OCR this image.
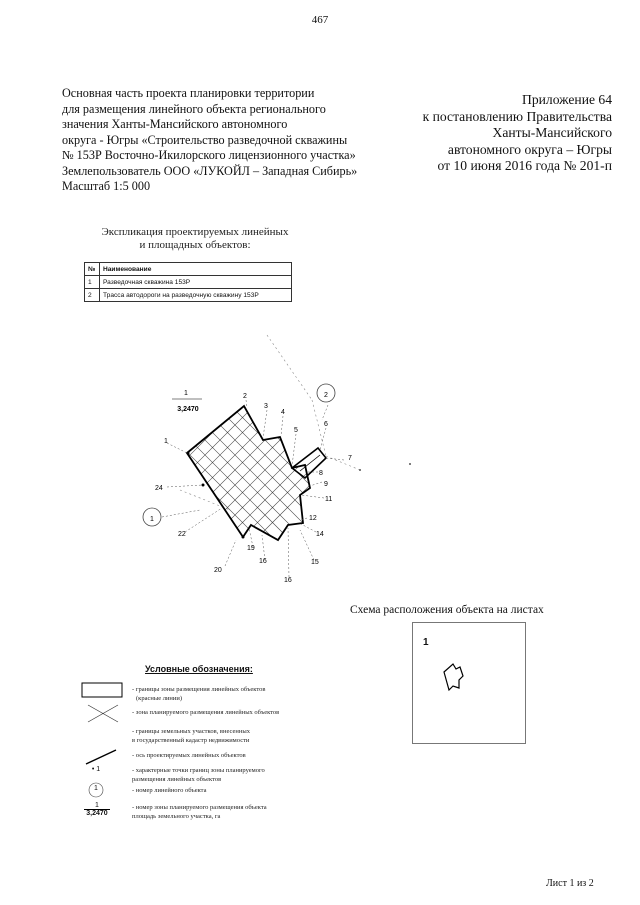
467
Основная часть проекта планировки территории
для размещения линейного объекта регионального
значения Ханты-Мансийского автономного
округа - Югры «Строительство разведочной скважины
№ 153Р Восточно-Икилорского лицензионного участка»
Землепользователь ООО «ЛУКОЙЛ – Западная Сибирь»
Масштаб 1:5 000
Приложение 64
к постановлению Правительства
Ханты-Мансийского
автономного округа – Югры
от 10 июня 2016 года № 201-п
Экспликация проектируемых линейных
и площадных объектов:
№	Наименование
1	Разведочная скважина 153Р
2	Трасса автодороги на разведочную скважину 153Р
2
1
1
3,2470
1
2
3
4
5
6
7
8
9
11
12
14
15
16
16
19
20
22
24
Схема расположения объекта на листах
1
Условные обозначения:
- границы зоны размещения линейных объектов
(красные линии)
- зона планируемого размещения линейных объектов
- границы земельных участков, внесенных
в государственный кадастр недвижимости
- ось проектируемых линейных объектов
• 1	- характерные точки границ зоны планируемого
размещения линейных объектов
1	- номер линейного объекта
1
3,2470
- номер зоны планируемого размещения объекта
площадь земельного участка, га
Лист 1 из 2
